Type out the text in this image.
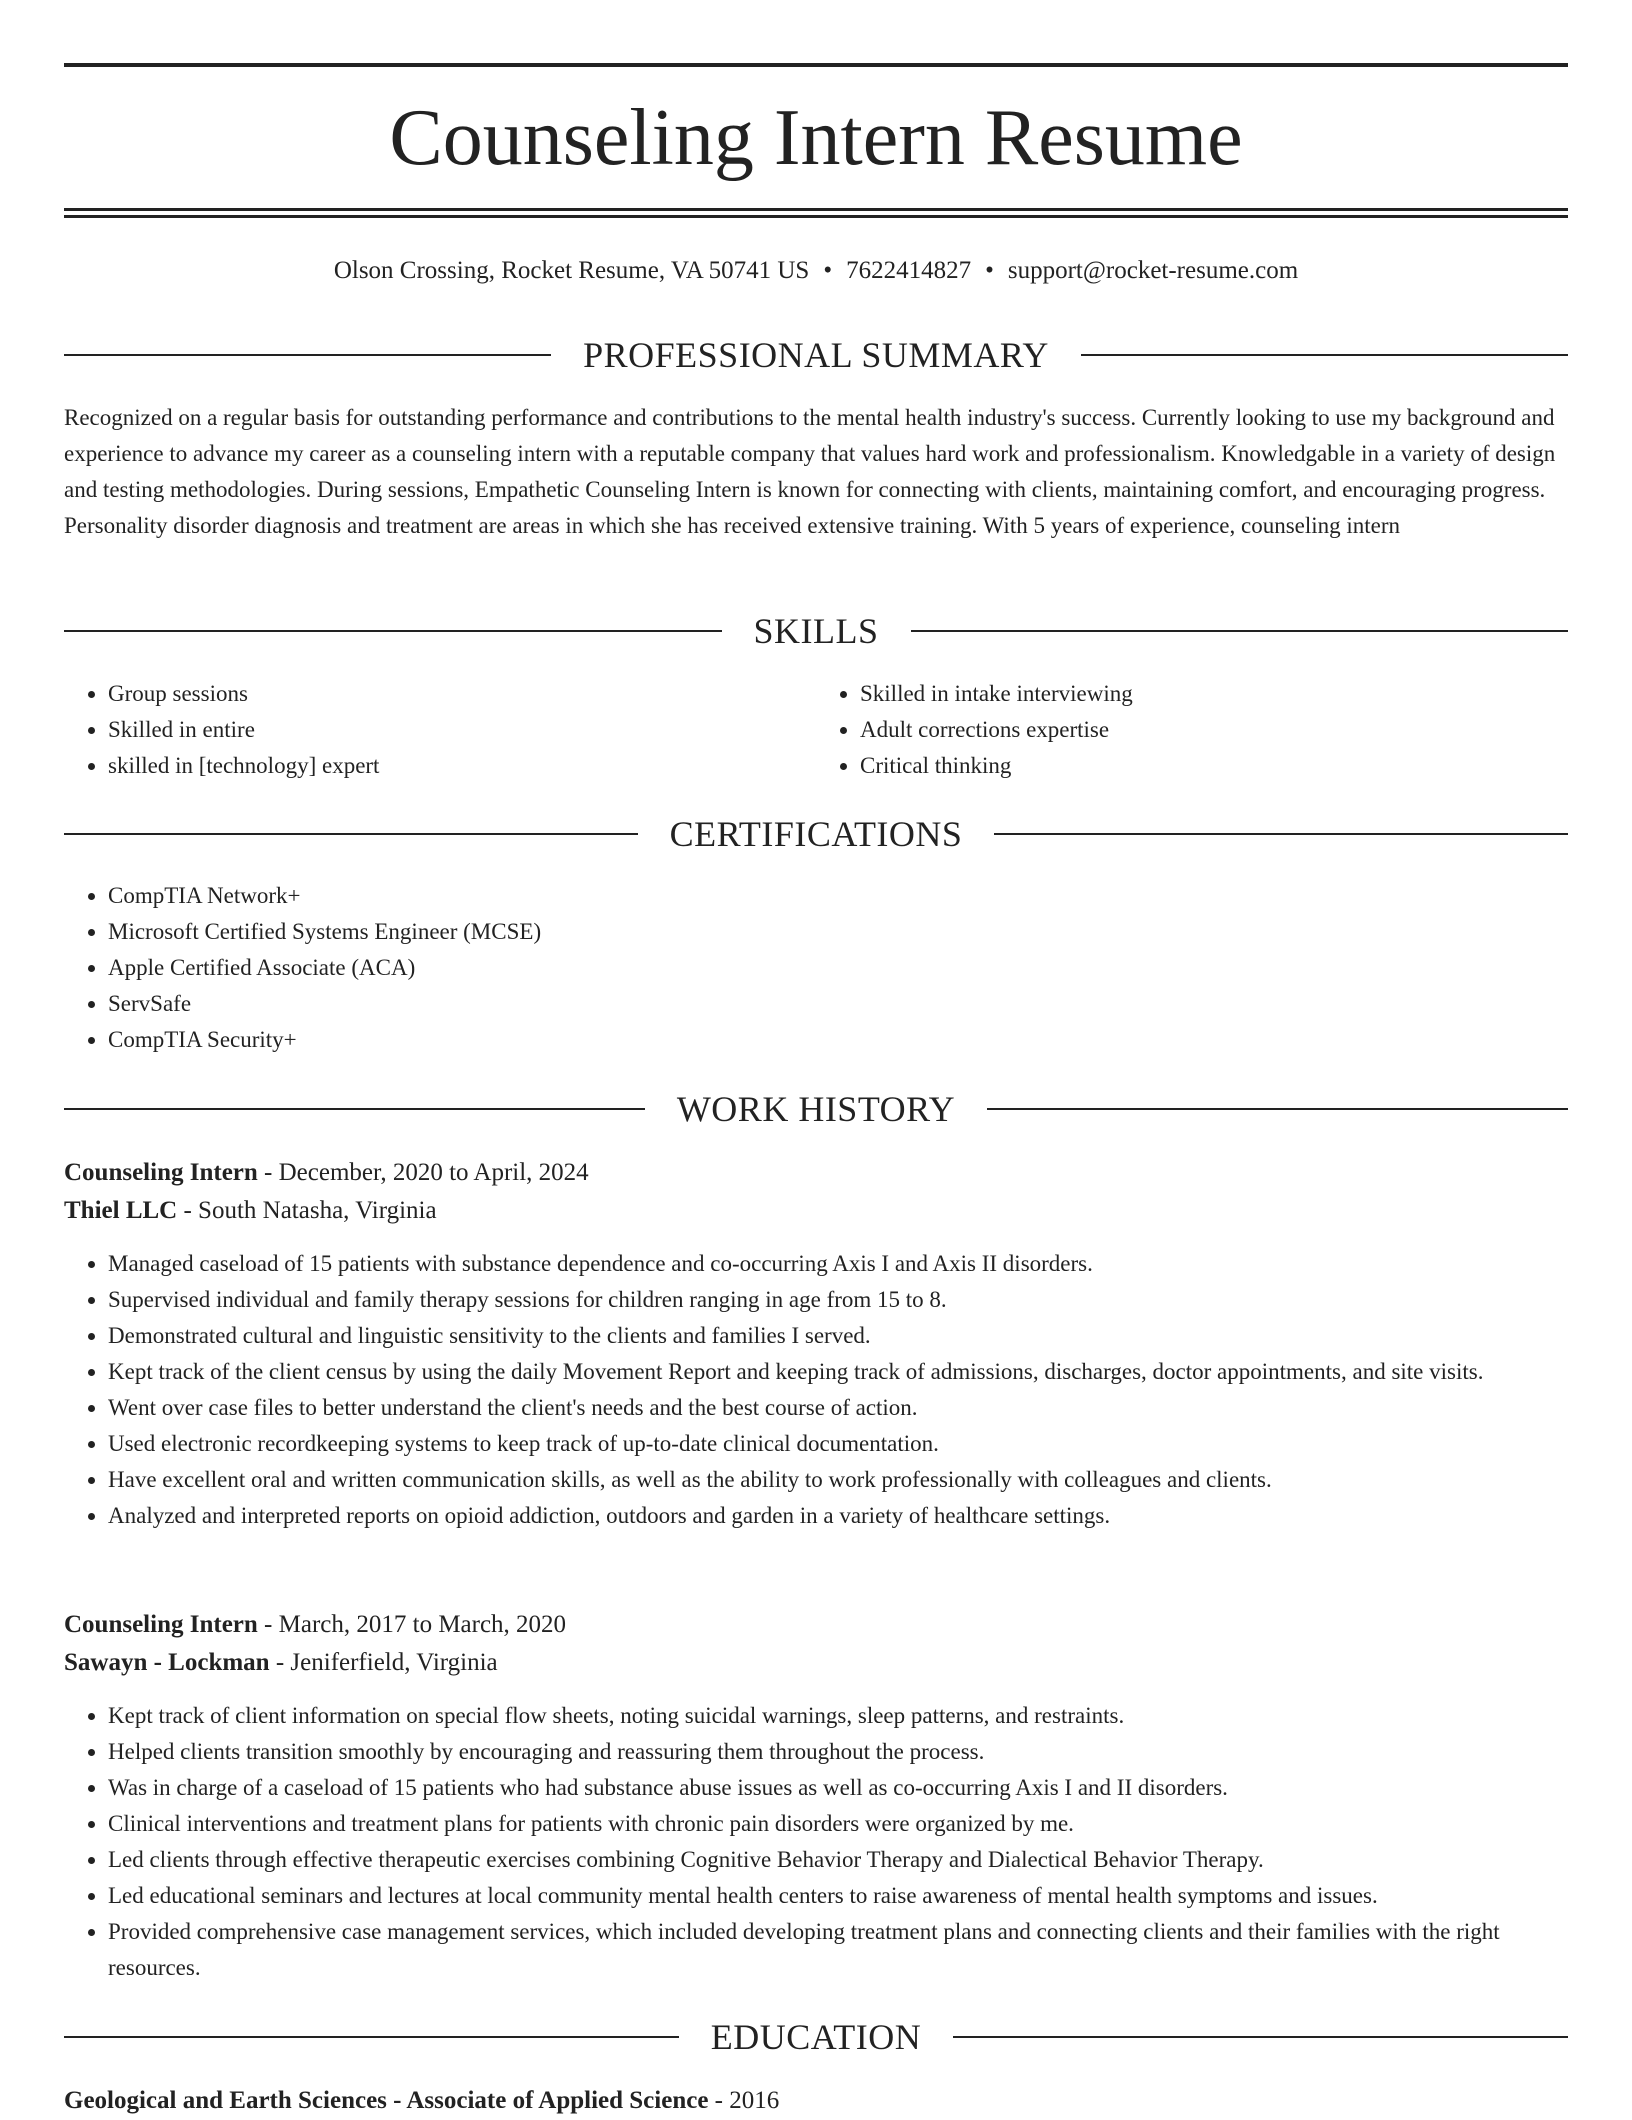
Counseling Intern Resume
Olson Crossing, Rocket Resume, VA 50741 US • 7622414827 • support@rocket-resume.com
PROFESSIONAL SUMMARY

Recognized on a regular basis for outstanding performance and contributions to the mental health industry's success. Currently looking to use my background and experience to advance my career as a counseling intern with a reputable company that values hard work and professionalism. Knowledgable in a variety of design and testing methodologies. During sessions, Empathetic Counseling Intern is known for connecting with clients, maintaining comfort, and encouraging progress. Personality disorder diagnosis and treatment are areas in which she has received extensive training. With 5 years of experience, counseling intern

SKILLS
• Group sessions
• Skilled in entire
• skilled in [technology] expert
• Skilled in intake interviewing
• Adult corrections expertise
• Critical thinking
CERTIFICATIONS
• CompTIA Network+
• Microsoft Certified Systems Engineer (MCSE)
• Apple Certified Associate (ACA)
• ServSafe
• CompTIA Security+
WORK HISTORY
Counseling Intern - December, 2020 to April, 2024
Thiel LLC - South Natasha, Virginia
• Managed caseload of 15 patients with substance dependence and co-occurring Axis I and Axis II disorders.
• Supervised individual and family therapy sessions for children ranging in age from 15 to 8.
• Demonstrated cultural and linguistic sensitivity to the clients and families I served.
• Kept track of the client census by using the daily Movement Report and keeping track of admissions, discharges, doctor appointments, and site visits.
• Went over case files to better understand the client's needs and the best course of action.
• Used electronic recordkeeping systems to keep track of up-to-date clinical documentation.
• Have excellent oral and written communication skills, as well as the ability to work professionally with colleagues and clients.
• Analyzed and interpreted reports on opioid addiction, outdoors and garden in a variety of healthcare settings.
Counseling Intern - March, 2017 to March, 2020
Sawayn - Lockman - Jeniferfield, Virginia
• Kept track of client information on special flow sheets, noting suicidal warnings, sleep patterns, and restraints.
• Helped clients transition smoothly by encouraging and reassuring them throughout the process.
• Was in charge of a caseload of 15 patients who had substance abuse issues as well as co-occurring Axis I and II disorders.
• Clinical interventions and treatment plans for patients with chronic pain disorders were organized by me.
• Led clients through effective therapeutic exercises combining Cognitive Behavior Therapy and Dialectical Behavior Therapy.
• Led educational seminars and lectures at local community mental health centers to raise awareness of mental health symptoms and issues.
• Provided comprehensive case management services, which included developing treatment plans and connecting clients and their families with the right resources.
EDUCATION
Geological and Earth Sciences - Associate of Applied Science - 2016
